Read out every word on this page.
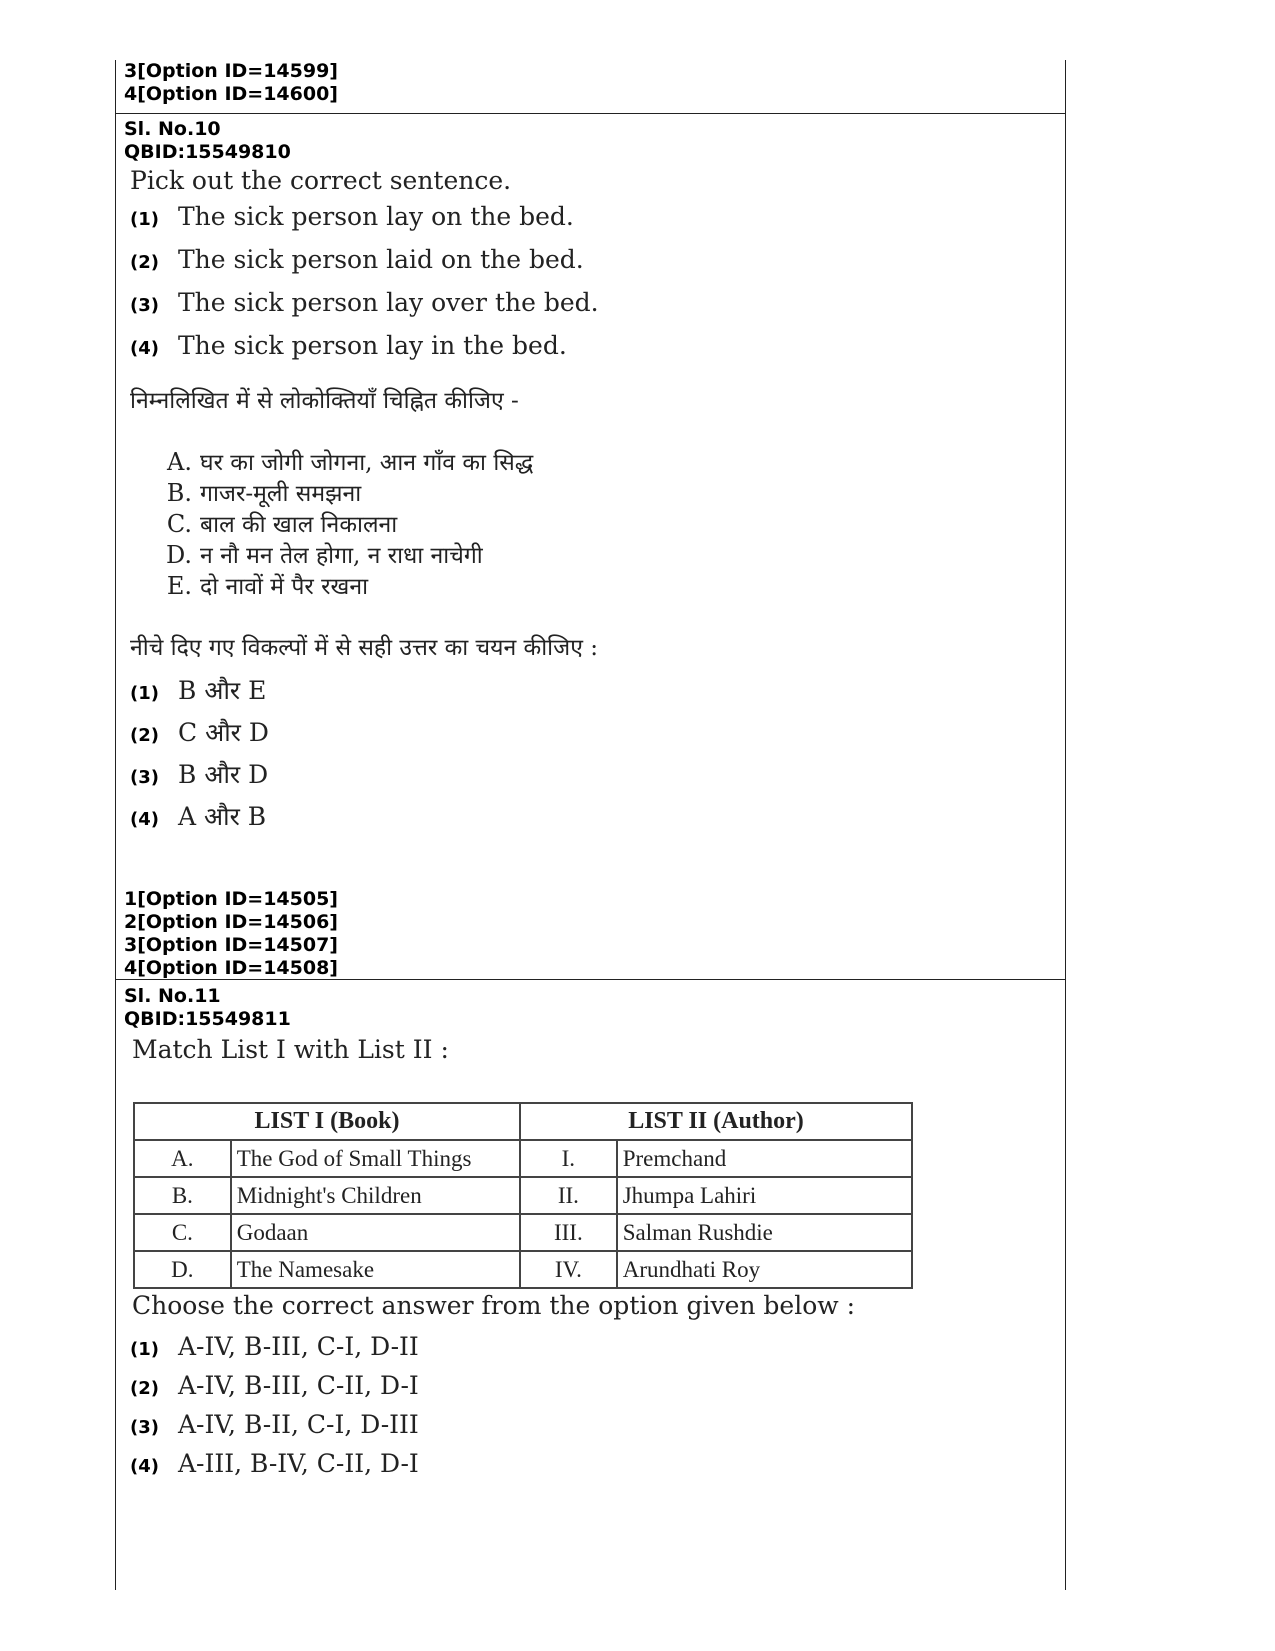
3[Option ID=14599]
4[Option ID=14600]
Sl. No.10
QBID:15549810
Pick out the correct sentence.
(1) The sick person lay on the bed.
(2) The sick person laid on the bed.
(3) The sick person lay over the bed.
(4) The sick person lay in the bed.
निम्नलिखित में से लोकोक्तियाँ चिह्नित कीजिए -
A. घर का जोगी जोगना, आन गाँव का सिद्ध
B. गाजर-मूली समझना
C. बाल की खाल निकालना
D. न नौ मन तेल होगा, न राधा नाचेगी
E. दो नावों में पैर रखना
नीचे दिए गए विकल्पों में से सही उत्तर का चयन कीजिए :
(1) B और E
(2) C और D
(3) B और D
(4) A और B
1[Option ID=14505]
2[Option ID=14506]
3[Option ID=14507]
4[Option ID=14508]
Sl. No.11
QBID:15549811
Match List I with List II :
LIST I (Book)		LIST II (Author)	
A.	The God of Small Things	I.	Premchand
B.	Midnight's Children	II.	Jhumpa Lahiri
C.	Godaan	III.	Salman Rushdie
D.	The Namesake	IV.	Arundhati Roy
Choose the correct answer from the option given below :
(1) A-IV, B-III, C-I, D-II
(2) A-IV, B-III, C-II, D-I
(3) A-IV, B-II, C-I, D-III
(4) A-III, B-IV, C-II, D-I
